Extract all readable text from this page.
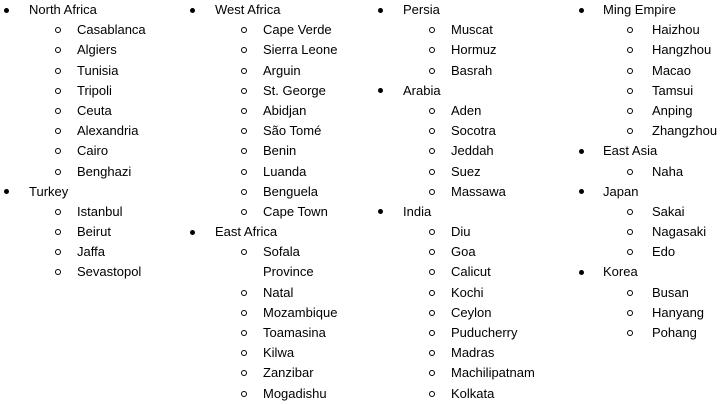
North Africa
Casablanca
Algiers
Tunisia
Tripoli
Ceuta
Alexandria
Cairo
Benghazi
Turkey
Istanbul
Beirut
Jaffa
Sevastopol
West Africa
Cape Verde
Sierra Leone
Arguin
St. George
Abidjan
São Tomé
Benin
Luanda
Benguela
Cape Town
East Africa
Sofala Province
Natal
Mozambique
Toamasina
Kilwa
Zanzibar
Mogadishu
Persia
Muscat
Hormuz
Basrah
Arabia
Aden
Socotra
Jeddah
Suez
Massawa
India
Diu
Goa
Calicut
Kochi
Ceylon
Puducherry
Madras
Machilipatnam
Kolkata
Ming Empire
Haizhou
Hangzhou
Macao
Tamsui
Anping
Zhangzhou
East Asia
Naha
Japan
Sakai
Nagasaki
Edo
Korea
Busan
Hanyang
Pohang
